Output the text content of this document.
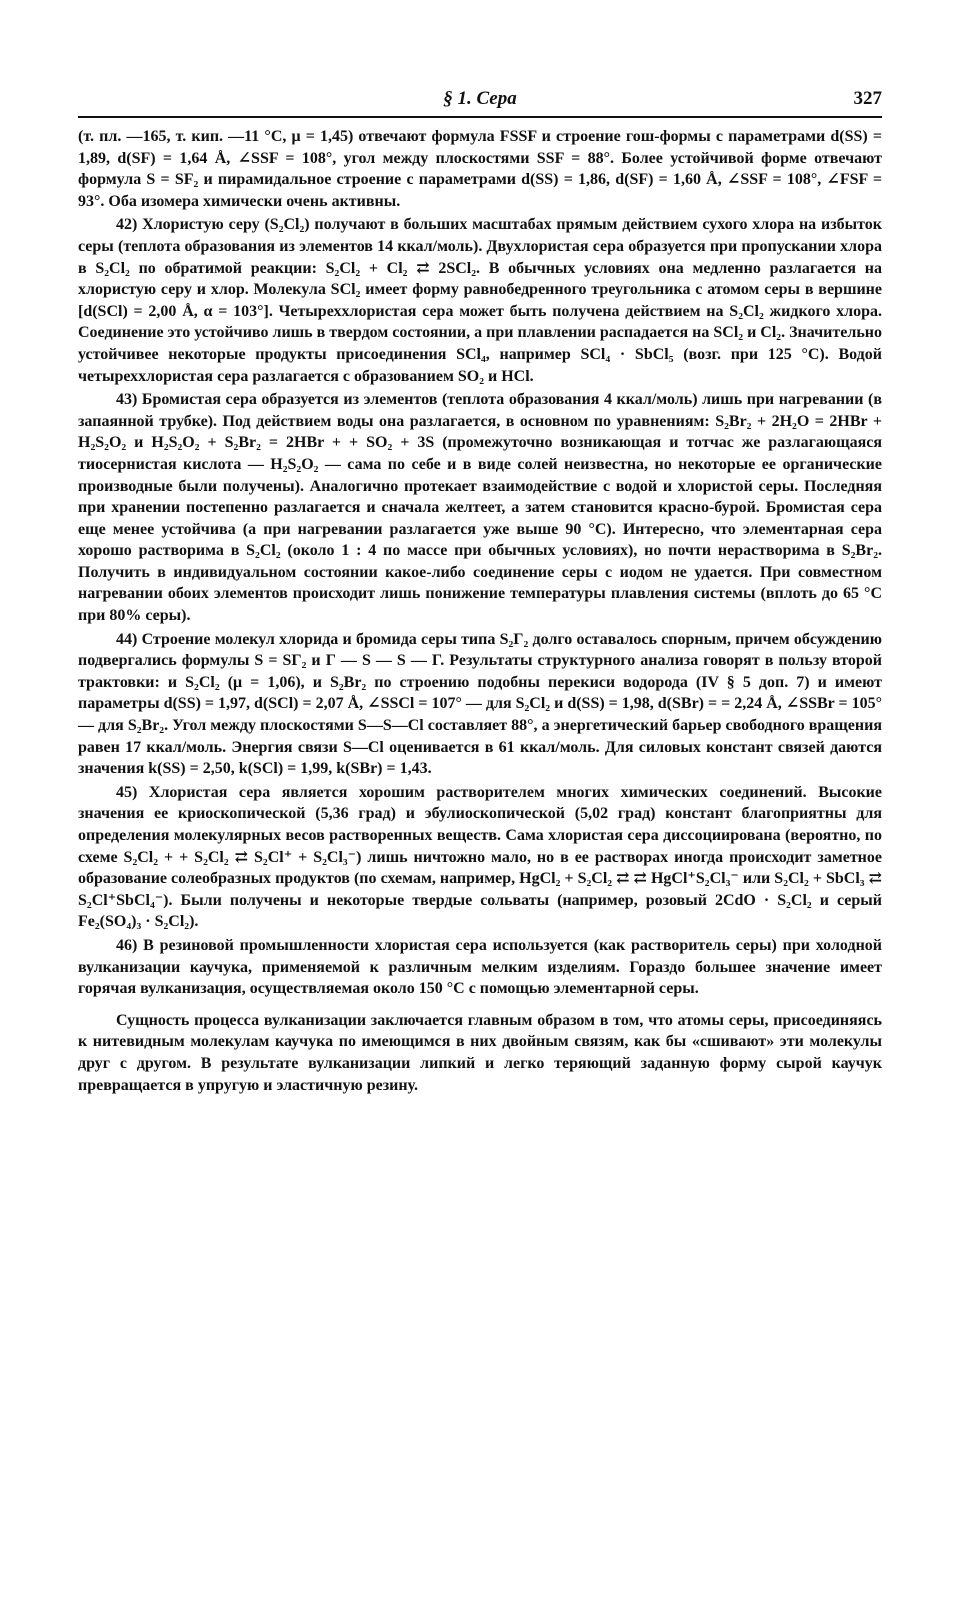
§ 1. Сера	327

(т. пл. —165, т. кип. —11 °С, μ = 1,45) отвечают формула FSSF и строение гош-формы с параметрами d(SS) = 1,89, d(SF) = 1,64 Å, ∠SSF = 108°, угол между плоскостями SSF = 88°. Более устойчивой форме отвечают формула S = SF₂ и пирамидальное строение с параметрами d(SS) = 1,86, d(SF) = 1,60 Å, ∠SSF = 108°, ∠FSF = 93°. Оба изомера химически очень активны.

42) Хлористую серу (S₂Cl₂) получают в больших масштабах прямым действием сухого хлора на избыток серы (теплота образования из элементов 14 ккал/моль). Двухлористая сера образуется при пропускании хлора в S₂Cl₂ по обратимой реакции: S₂Cl₂ + Cl₂ ⇄ 2SCl₂. В обычных условиях она медленно разлагается на хлористую серу и хлор. Молекула SCl₂ имеет форму равнобедренного треугольника с атомом серы в вершине [d(SCl) = 2,00 Å, α = 103°]. Четыреххлористая сера может быть получена действием на S₂Cl₂ жидкого хлора. Соединение это устойчиво лишь в твердом состоянии, а при плавлении распадается на SCl₂ и Cl₂. Значительно устойчивее некоторые продукты присоединения SCl₄, например SCl₄ · SbCl₅ (возг. при 125 °С). Водой четыреххлористая сера разлагается с образованием SO₂ и HCl.

43) Бромистая сера образуется из элементов (теплота образования 4 ккал/моль) лишь при нагревании (в запаянной трубке). Под действием воды она разлагается, в основном по уравнениям: S₂Br₂ + 2H₂O = 2HBr + H₂S₂O₂ и H₂S₂O₂ + S₂Br₂ = 2HBr + + SO₂ + 3S (промежуточно возникающая и тотчас же разлагающаяся тиосернистая кислота — H₂S₂O₂ — сама по себе и в виде солей неизвестна, но некоторые ее органические производные были получены). Аналогично протекает взаимодействие с водой и хлористой серы. Последняя при хранении постепенно разлагается и сначала желтеет, а затем становится красно-бурой. Бромистая сера еще менее устойчива (а при нагревании разлагается уже выше 90 °С). Интересно, что элементарная сера хорошо растворима в S₂Cl₂ (около 1 : 4 по массе при обычных условиях), но почти нерастворима в S₂Br₂. Получить в индивидуальном состоянии какое-либо соединение серы с иодом не удается. При совместном нагревании обоих элементов происходит лишь понижение температуры плавления системы (вплоть до 65 °С при 80% серы).

44) Строение молекул хлорида и бромида серы типа S₂Г₂ долго оставалось спорным, причем обсуждению подвергались формулы S = SГ₂ и Г — S — S — Г. Результаты структурного анализа говорят в пользу второй трактовки: и S₂Cl₂ (μ = 1,06), и S₂Br₂ по строению подобны перекиси водорода (IV § 5 доп. 7) и имеют параметры d(SS) = 1,97, d(SCl) = 2,07 Å, ∠SSCl = 107° — для S₂Cl₂ и d(SS) = 1,98, d(SBr) = = 2,24 Å, ∠SSBr = 105° — для S₂Br₂. Угол между плоскостями S—S—Cl составляет 88°, а энергетический барьер свободного вращения равен 17 ккал/моль. Энергия связи S—Cl оценивается в 61 ккал/моль. Для силовых констант связей даются значения k(SS) = 2,50, k(SCl) = 1,99, k(SBr) = 1,43.

45) Хлористая сера является хорошим растворителем многих химических соединений. Высокие значения ее криоскопической (5,36 град) и эбулиоскопической (5,02 град) констант благоприятны для определения молекулярных весов растворенных веществ. Сама хлористая сера диссоциирована (вероятно, по схеме S₂Cl₂ + + S₂Cl₂ ⇄ S₂Cl⁺ + S₂Cl₃⁻) лишь ничтожно мало, но в ее растворах иногда происходит заметное образование солеобразных продуктов (по схемам, например, HgCl₂ + S₂Cl₂ ⇄ ⇄ HgCl⁺S₂Cl₃⁻ или S₂Cl₂ + SbCl₃ ⇄ S₂Cl⁺SbCl₄⁻). Были получены и некоторые твердые сольваты (например, розовый 2CdO · S₂Cl₂ и серый Fe₂(SO₄)₃ · S₂Cl₂).

46) В резиновой промышленности хлористая сера используется (как растворитель серы) при холодной вулканизации каучука, применяемой к различным мелким изделиям. Гораздо большее значение имеет горячая вулканизация, осуществляемая около 150 °С с помощью элементарной серы.

Сущность процесса вулканизации заключается главным образом в том, что атомы серы, присоединяясь к нитевидным молекулам каучука по имеющимся в них двойным связям, как бы «сшивают» эти молекулы друг с другом. В результате вулканизации липкий и легко теряющий заданную форму сырой каучук превращается в упругую и эластичную резину.
